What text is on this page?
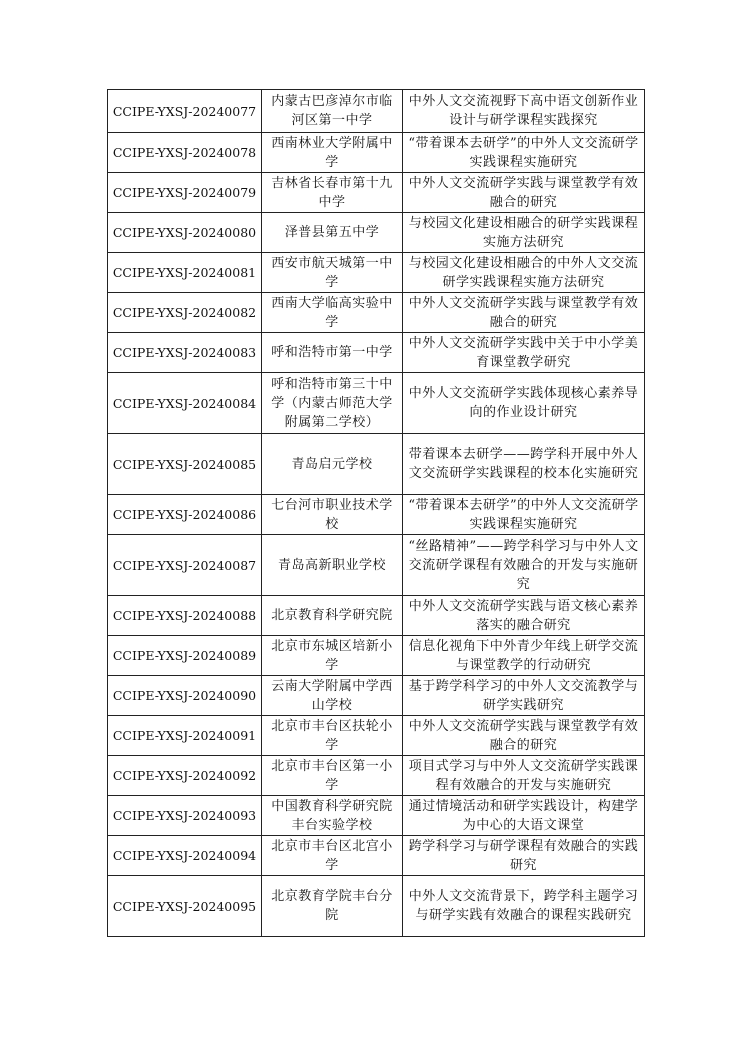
CCIPE-YXSJ-20240077	内蒙古巴彦淖尔市临河区第一中学	中外人文交流视野下高中语文创新作业设计与研学课程实践探究
CCIPE-YXSJ-20240078	西南林业大学附属中学	“带着课本去研学”的中外人文交流研学实践课程实施研究
CCIPE-YXSJ-20240079	吉林省长春市第十九中学	中外人文交流研学实践与课堂教学有效融合的研究
CCIPE-YXSJ-20240080	泽普县第五中学	与校园文化建设相融合的研学实践课程实施方法研究
CCIPE-YXSJ-20240081	西安市航天城第一中学	与校园文化建设相融合的中外人文交流研学实践课程实施方法研究
CCIPE-YXSJ-20240082	西南大学临高实验中学	中外人文交流研学实践与课堂教学有效融合的研究
CCIPE-YXSJ-20240083	呼和浩特市第一中学	中外人文交流研学实践中关于中小学美育课堂教学研究
CCIPE-YXSJ-20240084	呼和浩特市第三十中学（内蒙古师范大学附属第二学校）	中外人文交流研学实践体现核心素养导向的作业设计研究
CCIPE-YXSJ-20240085	青岛启元学校	带着课本去研学——跨学科开展中外人文交流研学实践课程的校本化实施研究
CCIPE-YXSJ-20240086	七台河市职业技术学校	“带着课本去研学”的中外人文交流研学实践课程实施研究
CCIPE-YXSJ-20240087	青岛高新职业学校	“丝路精神”——跨学科学习与中外人文交流研学课程有效融合的开发与实施研究
CCIPE-YXSJ-20240088	北京教育科学研究院	中外人文交流研学实践与语文核心素养落实的融合研究
CCIPE-YXSJ-20240089	北京市东城区培新小学	信息化视角下中外青少年线上研学交流与课堂教学的行动研究
CCIPE-YXSJ-20240090	云南大学附属中学西山学校	基于跨学科学习的中外人文交流教学与研学实践研究
CCIPE-YXSJ-20240091	北京市丰台区扶轮小学	中外人文交流研学实践与课堂教学有效融合的研究
CCIPE-YXSJ-20240092	北京市丰台区第一小学	项目式学习与中外人文交流研学实践课程有效融合的开发与实施研究
CCIPE-YXSJ-20240093	中国教育科学研究院丰台实验学校	通过情境活动和研学实践设计，构建学为中心的大语文课堂
CCIPE-YXSJ-20240094	北京市丰台区北宫小学	跨学科学习与研学课程有效融合的实践研究
CCIPE-YXSJ-20240095	北京教育学院丰台分院	中外人文交流背景下，跨学科主题学习与研学实践有效融合的课程实践研究
